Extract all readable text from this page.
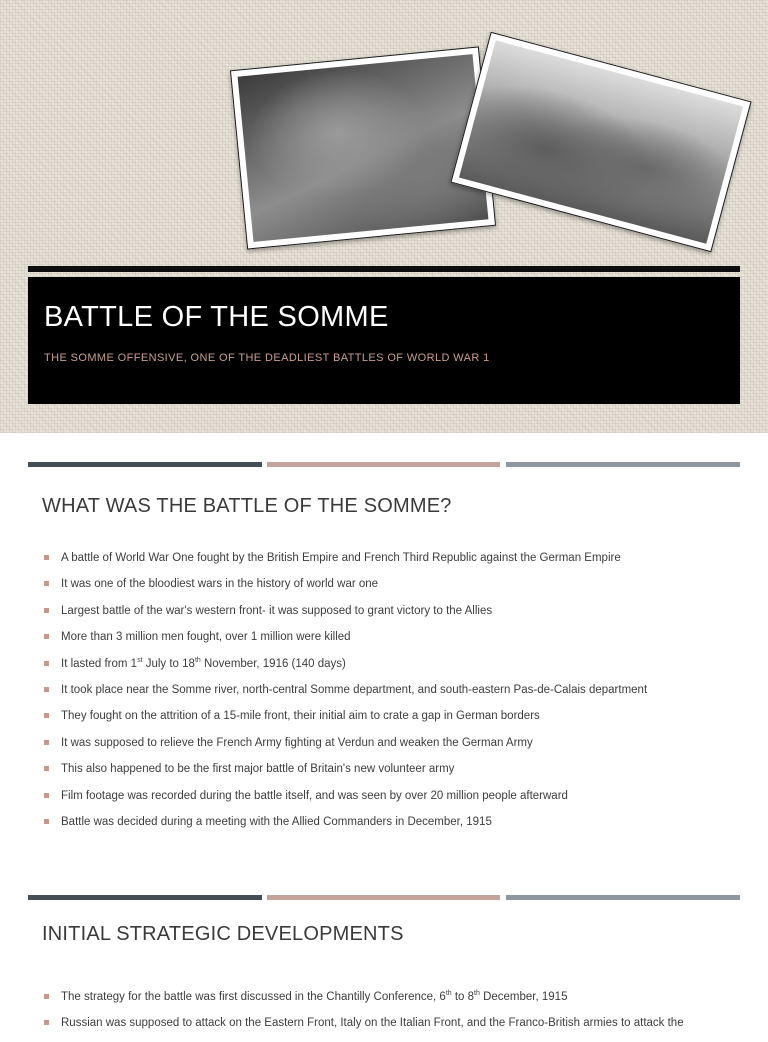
BATTLE OF THE SOMME

THE SOMME OFFENSIVE, ONE OF THE DEADLIEST BATTLES OF WORLD WAR 1

WHAT WAS THE BATTLE OF THE SOMME?
A battle of World War One fought by the British Empire and French Third Republic against the German Empire
It was one of the bloodiest wars in the history of world war one
Largest battle of the war's western front- it was supposed to grant victory to the Allies
More than 3 million men fought, over 1 million were killed
It lasted from 1st July to 18th November, 1916 (140 days)
It took place near the Somme river, north-central Somme department, and south-eastern Pas-de-Calais department
They fought on the attrition of a 15-mile front, their initial aim to crate a gap in German borders
It was supposed to relieve the French Army fighting at Verdun and weaken the German Army
This also happened to be the first major battle of Britain's new volunteer army
Film footage was recorded during the battle itself, and was seen by over 20 million people afterward
Battle was decided during a meeting with the Allied Commanders in December, 1915
INITIAL STRATEGIC DEVELOPMENTS
The strategy for the battle was first discussed in the Chantilly Conference, 6th to 8th December, 1915
Russian was supposed to attack on the Eastern Front, Italy on the Italian Front, and the Franco-British armies to attack the
